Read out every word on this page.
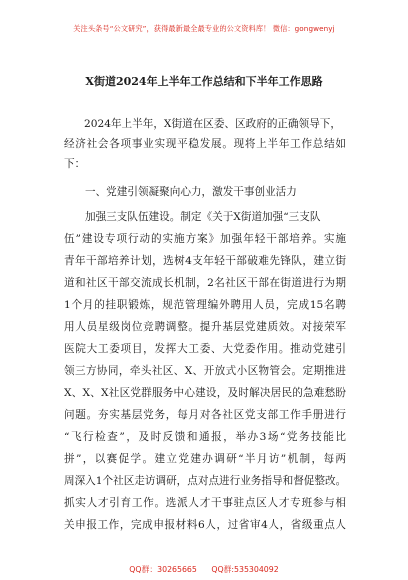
关注头条号“公文研究”，获得最新最全最专业的公文资料库！ 微信：gongwenyj
X街道2024年上半年工作总结和下半年工作思路
2024年上半年，X街道在区委、区政府的正确领导下，
经济社会各项事业实现平稳发展。现将上半年工作总结如
下：
一、党建引领凝聚向心力，激发干事创业活力
加强三支队伍建设。制定《关于X街道加强“三支队
伍”建设专项行动的实施方案》加强年轻干部培养。实施
青年干部培养计划，选树4支年轻干部破难先锋队，建立街
道和社区干部交流成长机制，2名社区干部在街道进行为期
1个月的挂职锻炼，规范管理编外聘用人员，完成15名聘
用人员星级岗位竞聘调整。提升基层党建质效。对接荣军
医院大工委项目，发挥大工委、大党委作用。推动党建引
领三方协同，牵头社区、X、开放式小区物管会。定期推进
X、X、X社区党群服务中心建设，及时解决居民的急难愁盼
问题。夯实基层党务，每月对各社区党支部工作手册进行
“飞行检查”，及时反馈和通报，举办3场“党务技能比
拼”，以赛促学。建立党建办调研“半月访”机制，每两
周深入1个社区走访调研，点对点进行业务指导和督促整改。
抓实人才引育工作。选派人才干事驻点区人才专班参与相
关申报工作，完成申报材料6人，过省审4人，省级重点人
QQ群：30265665 QQ群:535304092
